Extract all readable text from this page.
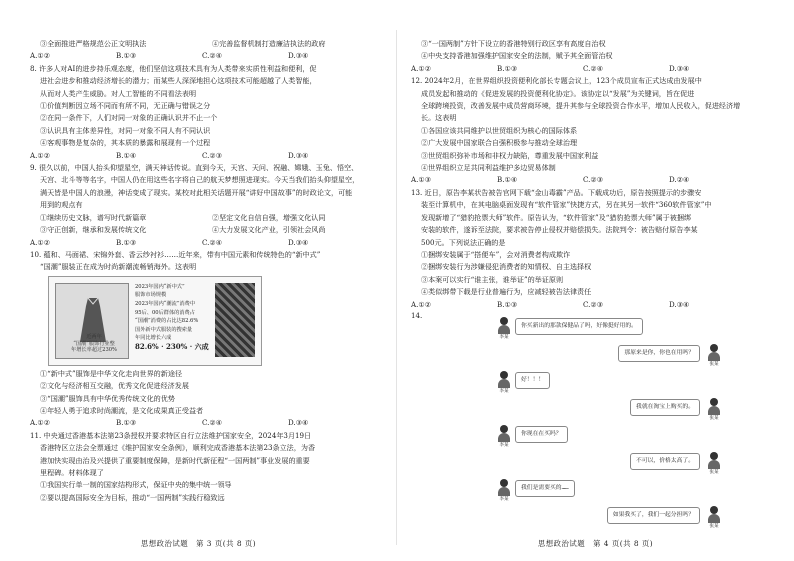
③全面推进严格规范公正文明执法	④完善监督机制打造廉洁执法的政府
A.①②	B.①③	C.②④	D.③④
8. 许多人对AI的进步持乐观态度，他们坚信这项技术具有为人类带来实质性利益和便利，促
进社会进步和推动经济增长的潜力；而某些人深深地担心这项技术可能超越了人类智能，
从而对人类产生威胁。对人工智能的不同看法表明
①价值判断因立场不同而有所不同，无正确与错误之分
②在同一条件下，人们对同一对象的正确认识并不止一个
③认识具有主体差异性，对同一对象不同人有不同认识
④客观事物是复杂的，其本质的暴露和展现有一个过程
A.①②	B.①④	C.②③	D.③④
9. 很久以前，中国人抬头仰望星空，满天神话传说。直到今天，天宫、天问、祝融、嫦娥、玉兔、悟空、
天宫、北斗等等名字，中国人仍在用这些名字将自己的航天梦想照进现实。今天当我们抬头仰望星空，
满天皆是中国人的浪漫，神话变成了现实。某校对此相关话题开展“讲好中国故事”的时政论文，可能
用到的观点有
①继续历史文脉，谱写时代新篇章	②坚定文化自信自强，增强文化认同
③守正创新，继承和发展传统文化	④大力发展文化产业，引领社会风尚
A.①②	B.①③	C.②④	D.③④
10. 蕴和、马面裙、宋锦外套、香云纱衬衫……近年来，带有中国元素和传统特色的“新中式”
“国潮”服装正在成为时尚新潮流畅销海外。这表明
近两年
“国潮”服饰行业整
年增长率超过230%
2023年国内“新中式”
服饰市场规模
2023年国内“潮流”消费中
95后、00后群体的消费占
“国潮”消费的占比达82.6%
国外新中式服装的搜索量
年同比增长六成
82.6% · 230% · 六成
①“新中式”服饰是中华文化走向世界的新途径
②文化与经济相互交融，优秀文化促进经济发展
③“国潮”服饰具有中华优秀传统文化的优势
④年轻人勇于追求时尚潮流，是文化成果真正受益者
A.①②	B.①③	C.②④	D.③④
11. 中央通过香港基本法第23条授权并要求特区自行立法维护国家安全，2024年3月19日
香港特区立法会全票通过《维护国家安全条例》，顺利完成香港基本法第23条立法，为香
港加快实现由治及兴提供了重要制度保障，是新时代新征程“一国两制”事业发展的重要
里程碑。材料体现了
①我国实行单一制的国家结构形式，保证中央的集中统一领导
②要以提高国际安全为目标，推动“一国两制”实践行稳致远
思想政治试题　第 3 页(共 8 页)
③“一国两制”方针下设立的香港特别行政区享有高度自治权
④中央支持香港加强维护国家安全的法制，赋予其全面管治权
A.①②	B.①③	C.②④	D.③④
12. 2024年2月，在世界组织投资便利化部长专题会议上，123个成员宣布正式达成由发展中
成员发起和推动的《促进发展的投资便利化协定》。该协定以“发展”为关键词，旨在促进
全球跨境投资，改善发展中成员营商环境，提升其参与全球投资合作水平，增加人民收入，促进经济增
长。这表明
①各国应该共同维护以世贸组织为核心的国际体系
②广大发展中国家联合自强积极参与推动全球治理
③世贸组织弥补市场和非权力缺陷，尊重发展中国家利益
④世界组织立足共同利益维护多边贸易体制
A.①③	B.①④	C.②③	D.②④
13. 近日，原告李某状告被告官网下载“金山毒霸”产品。下载成功后，原告按照提示的步骤安
装至计算机中，在其电脑桌面发现有“软件管家”快捷方式，另在其另一软件“360软件管家”中
发现新增了“猎豹抢票大师”软件。原告认为，“软件管家”及“猎豹抢票大师”属于被捆绑
安装的软件，遂诉至法院，要求被告停止侵权并赔偿损失。法院判令：被告赔付原告李某
500元。下列说法正确的是
①捆绑安装属于“搭便车”，会对消费者构成欺诈
②捆绑安装行为涉嫌侵犯消费者的知情权、自主选择权
③本案可以实行“谁主张，谁举证”的举证原则
④类似绑带下载是行业普遍行为，应减轻被告法律责任
A.①②	B.①③	C.②③	D.③④
14.
李某
你买新出的那款保健品了吗，好像挺好用的。
张某
那原来是你，你也在用吗？
李某
好！！！
张某
我就在淘宝上购买的。
李某
你现在在买吗？
张某
不可以，价格太高了。
李某
我们是需要买的……
张某
如果我买了，我们一起分担吗？
思想政治试题　第 4 页(共 8 页)
